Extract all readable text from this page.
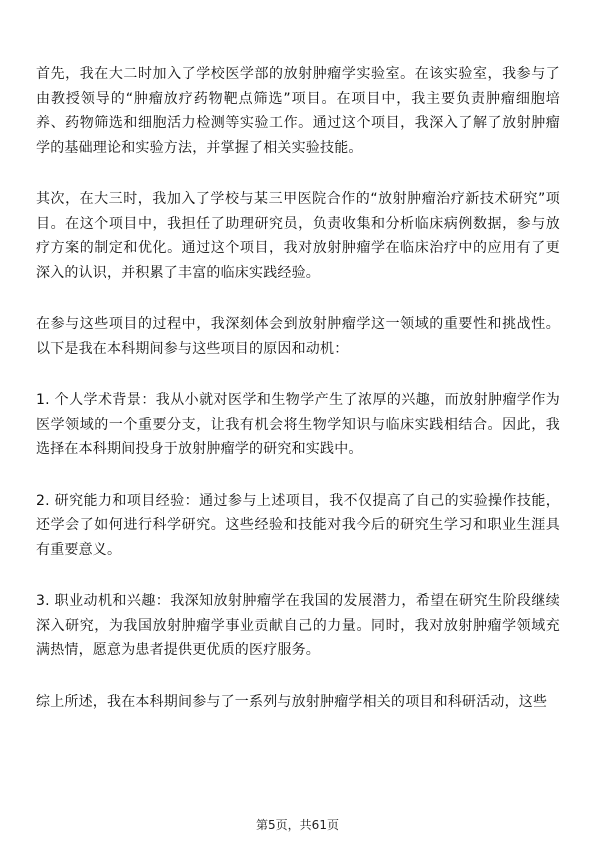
首先，我在大二时加入了学校医学部的放射肿瘤学实验室。在该实验室，我参与了由教授领导的“肿瘤放疗药物靶点筛选”项目。在项目中，我主要负责肿瘤细胞培养、药物筛选和细胞活力检测等实验工作。通过这个项目，我深入了解了放射肿瘤学的基础理论和实验方法，并掌握了相关实验技能。

其次，在大三时，我加入了学校与某三甲医院合作的“放射肿瘤治疗新技术研究”项目。在这个项目中，我担任了助理研究员，负责收集和分析临床病例数据，参与放疗方案的制定和优化。通过这个项目，我对放射肿瘤学在临床治疗中的应用有了更深入的认识，并积累了丰富的临床实践经验。

在参与这些项目的过程中，我深刻体会到放射肿瘤学这一领域的重要性和挑战性。以下是我在本科期间参与这些项目的原因和动机：

1. 个人学术背景：我从小就对医学和生物学产生了浓厚的兴趣，而放射肿瘤学作为医学领域的一个重要分支，让我有机会将生物学知识与临床实践相结合。因此，我选择在本科期间投身于放射肿瘤学的研究和实践中。

2. 研究能力和项目经验：通过参与上述项目，我不仅提高了自己的实验操作技能，还学会了如何进行科学研究。这些经验和技能对我今后的研究生学习和职业生涯具有重要意义。

3. 职业动机和兴趣：我深知放射肿瘤学在我国的发展潜力，希望在研究生阶段继续深入研究，为我国放射肿瘤学事业贡献自己的力量。同时，我对放射肿瘤学领域充满热情，愿意为患者提供更优质的医疗服务。

综上所述，我在本科期间参与了一系列与放射肿瘤学相关的项目和科研活动，这些

第5页，共61页
